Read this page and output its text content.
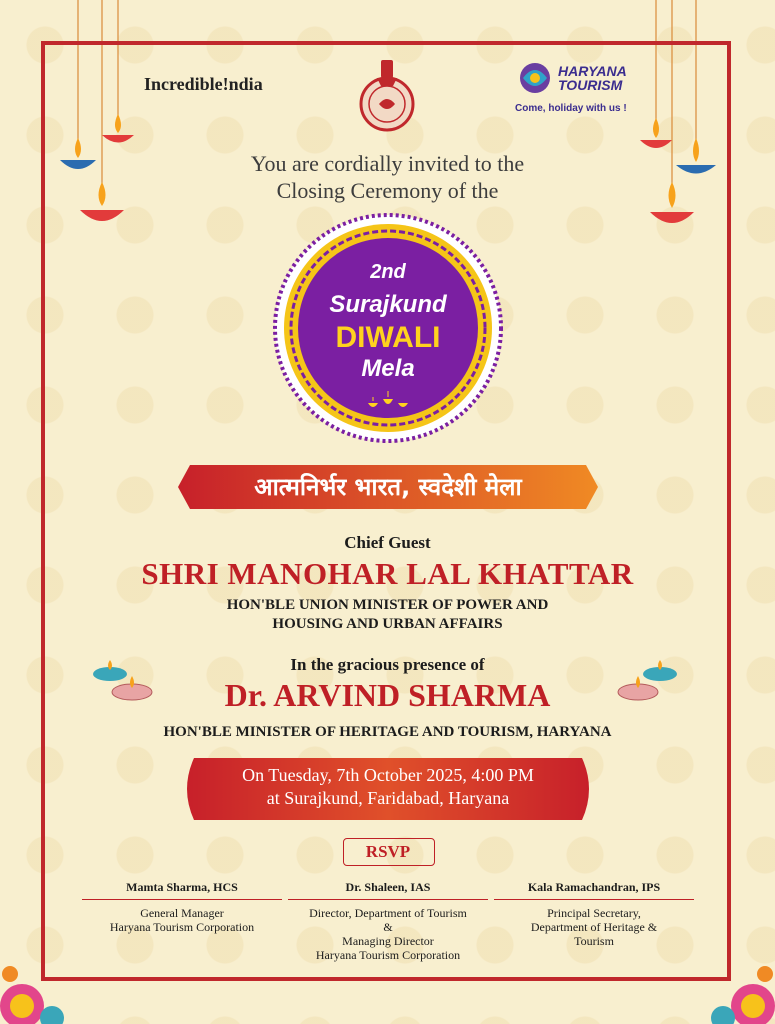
Incredible!ndia
HARYANA
TOURISM
Come, holiday with us !
You are cordially invited to the
Closing Ceremony of the
2nd
Surajkund
DIWALI
Mela
आत्मनिर्भर भारत, स्वदेशी मेला
Chief Guest
SHRI MANOHAR LAL KHATTAR
HON'BLE UNION MINISTER OF POWER AND
HOUSING AND URBAN AFFAIRS
In the gracious presence of
Dr. ARVIND SHARMA
HON'BLE MINISTER OF HERITAGE AND TOURISM, HARYANA
On Tuesday, 7th October 2025, 4:00 PM
at Surajkund, Faridabad, Haryana
RSVP
Mamta Sharma, HCS
General Manager
Haryana Tourism Corporation
Dr. Shaleen, IAS
Director, Department of Tourism
&
Managing Director
Haryana Tourism Corporation
Kala Ramachandran, IPS
Principal Secretary,
Department of Heritage &
Tourism
